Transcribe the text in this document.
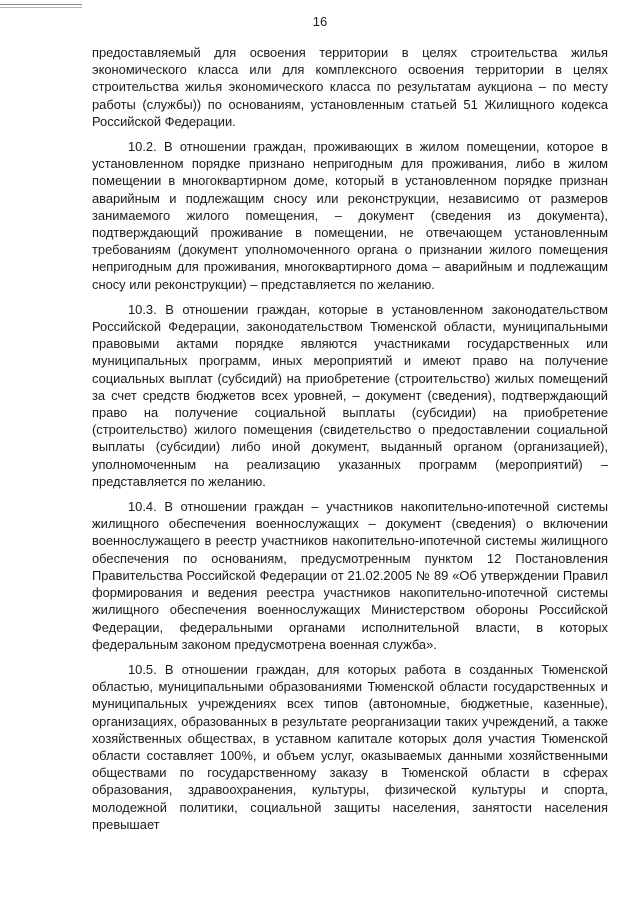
16

предоставляемый для освоения территории в целях строительства жилья экономического класса или для комплексного освоения территории в целях строительства жилья экономического класса по результатам аукциона – по месту работы (службы)) по основаниям, установленным статьей 51 Жилищного кодекса Российской Федерации.

10.2. В отношении граждан, проживающих в жилом помещении, которое в установленном порядке признано непригодным для проживания, либо в жилом помещении в многоквартирном доме, который в установленном порядке признан аварийным и подлежащим сносу или реконструкции, независимо от размеров занимаемого жилого помещения, – документ (сведения из документа), подтверждающий проживание в помещении, не отвечающем установленным требованиям (документ уполномоченного органа о признании жилого помещения непригодным для проживания, многоквартирного дома – аварийным и подлежащим сносу или реконструкции) – представляется по желанию.

10.3. В отношении граждан, которые в установленном законодательством Российской Федерации, законодательством Тюменской области, муниципальными правовыми актами порядке являются участниками государственных или муниципальных программ, иных мероприятий и имеют право на получение социальных выплат (субсидий) на приобретение (строительство) жилых помещений за счет средств бюджетов всех уровней, – документ (сведения), подтверждающий право на получение социальной выплаты (субсидии) на приобретение (строительство) жилого помещения (свидетельство о предоставлении социальной выплаты (субсидии) либо иной документ, выданный органом (организацией), уполномоченным на реализацию указанных программ (мероприятий) – представляется по желанию.

10.4. В отношении граждан – участников накопительно-ипотечной системы жилищного обеспечения военнослужащих – документ (сведения) о включении военнослужащего в реестр участников накопительно-ипотечной системы жилищного обеспечения по основаниям, предусмотренным пунктом 12 Постановления Правительства Российской Федерации от 21.02.2005 № 89 «Об утверждении Правил формирования и ведения реестра участников накопительно-ипотечной системы жилищного обеспечения военнослужащих Министерством обороны Российской Федерации, федеральными органами исполнительной власти, в которых федеральным законом предусмотрена военная служба».

10.5. В отношении граждан, для которых работа в созданных Тюменской областью, муниципальными образованиями Тюменской области государственных и муниципальных учреждениях всех типов (автономные, бюджетные, казенные), организациях, образованных в результате реорганизации таких учреждений, а также хозяйственных обществах, в уставном капитале которых доля участия Тюменской области составляет 100%, и объем услуг, оказываемых данными хозяйственными обществами по государственному заказу в Тюменской области в сферах образования, здравоохранения, культуры, физической культуры и спорта, молодежной политики, социальной защиты населения, занятости населения превышает
